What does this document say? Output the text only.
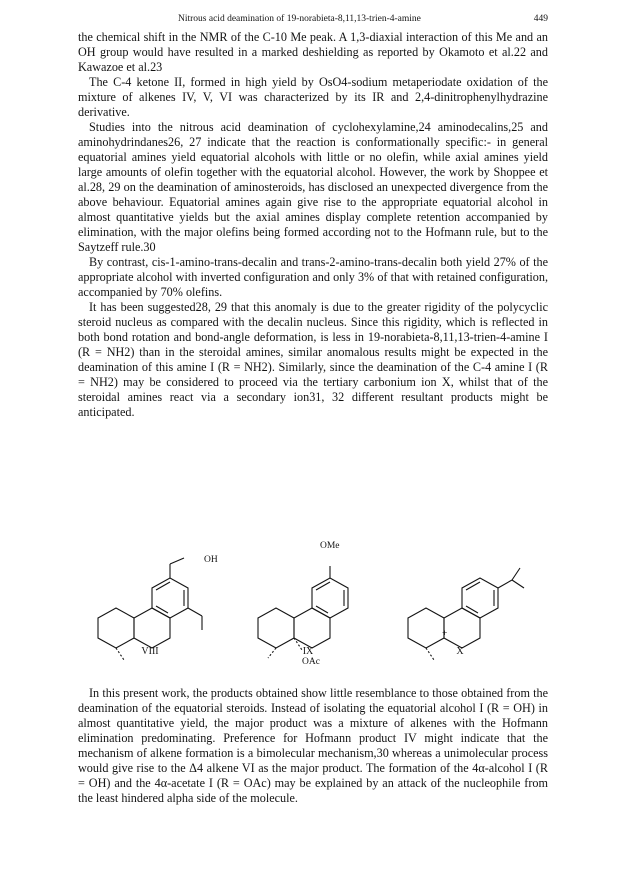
Nitrous acid deamination of 19-norabieta-8,11,13-trien-4-amine	449

the chemical shift in the NMR of the C-10 Me peak. A 1,3-diaxial interaction of this Me and an OH group would have resulted in a marked deshielding as reported by Okamoto et al.22 and Kawazoe et al.23

The C-4 ketone II, formed in high yield by OsO4-sodium metaperiodate oxidation of the mixture of alkenes IV, V, VI was characterized by its IR and 2,4-dinitrophenylhydrazine derivative.

Studies into the nitrous acid deamination of cyclohexylamine,24 aminodecalins,25 and aminohydrindanes26, 27 indicate that the reaction is conformationally specific:- in general equatorial amines yield equatorial alcohols with little or no olefin, while axial amines yield large amounts of olefin together with the equatorial alcohol. However, the work by Shoppee et al.28, 29 on the deamination of aminosteroids, has disclosed an unexpected divergence from the above behaviour. Equatorial amines again give rise to the appropriate equatorial alcohol in almost quantitative yields but the axial amines display complete retention accompanied by elimination, with the major olefins being formed according not to the Hofmann rule, but to the Saytzeff rule.30

By contrast, cis-1-amino-trans-decalin and trans-2-amino-trans-decalin both yield 27% of the appropriate alcohol with inverted configuration and only 3% of that with retained configuration, accompanied by 70% olefins.

It has been suggested28, 29 that this anomaly is due to the greater rigidity of the polycyclic steroid nucleus as compared with the decalin nucleus. Since this rigidity, which is reflected in both bond rotation and bond-angle deformation, is less in 19-norabieta-8,11,13-trien-4-amine I (R = NH2) than in the steroidal amines, similar anomalous results might be expected in the deamination of this amine I (R = NH2). Similarly, since the deamination of the C-4 amine I (R = NH2) may be considered to proceed via the tertiary carbonium ion X, whilst that of the steroidal amines react via a secondary ion31, 32 different resultant products might be anticipated.

OH
OMe
OAc
+
VIII	IX	X

In this present work, the products obtained show little resemblance to those obtained from the deamination of the equatorial steroids. Instead of isolating the equatorial alcohol I (R = OH) in almost quantitative yield, the major product was a mixture of alkenes with the Hofmann elimination predominating. Preference for Hofmann product IV might indicate that the mechanism of alkene formation is a bimolecular mechanism,30 whereas a unimolecular process would give rise to the Δ4 alkene VI as the major product. The formation of the 4α-alcohol I (R = OH) and the 4α-acetate I (R = OAc) may be explained by an attack of the nucleophile from the least hindered alpha side of the molecule.
